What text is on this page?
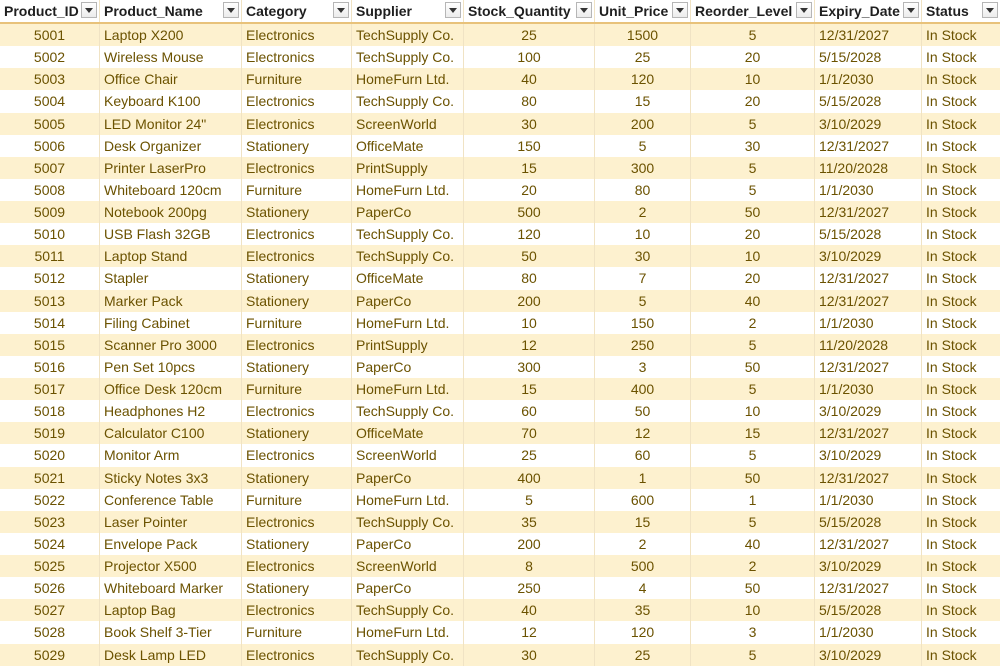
Product_ID	Product_Name	Category	Supplier	Stock_Quantity	Unit_Price	Reorder_Level	Expiry_Date	Status
5001	Laptop X200	Electronics	TechSupply Co.	25	1500	5	12/31/2027	In Stock
5002	Wireless Mouse	Electronics	TechSupply Co.	100	25	20	5/15/2028	In Stock
5003	Office Chair	Furniture	HomeFurn Ltd.	40	120	10	1/1/2030	In Stock
5004	Keyboard K100	Electronics	TechSupply Co.	80	15	20	5/15/2028	In Stock
5005	LED Monitor 24"	Electronics	ScreenWorld	30	200	5	3/10/2029	In Stock
5006	Desk Organizer	Stationery	OfficeMate	150	5	30	12/31/2027	In Stock
5007	Printer LaserPro	Electronics	PrintSupply	15	300	5	11/20/2028	In Stock
5008	Whiteboard 120cm	Furniture	HomeFurn Ltd.	20	80	5	1/1/2030	In Stock
5009	Notebook 200pg	Stationery	PaperCo	500	2	50	12/31/2027	In Stock
5010	USB Flash 32GB	Electronics	TechSupply Co.	120	10	20	5/15/2028	In Stock
5011	Laptop Stand	Electronics	TechSupply Co.	50	30	10	3/10/2029	In Stock
5012	Stapler	Stationery	OfficeMate	80	7	20	12/31/2027	In Stock
5013	Marker Pack	Stationery	PaperCo	200	5	40	12/31/2027	In Stock
5014	Filing Cabinet	Furniture	HomeFurn Ltd.	10	150	2	1/1/2030	In Stock
5015	Scanner Pro 3000	Electronics	PrintSupply	12	250	5	11/20/2028	In Stock
5016	Pen Set 10pcs	Stationery	PaperCo	300	3	50	12/31/2027	In Stock
5017	Office Desk 120cm	Furniture	HomeFurn Ltd.	15	400	5	1/1/2030	In Stock
5018	Headphones H2	Electronics	TechSupply Co.	60	50	10	3/10/2029	In Stock
5019	Calculator C100	Stationery	OfficeMate	70	12	15	12/31/2027	In Stock
5020	Monitor Arm	Electronics	ScreenWorld	25	60	5	3/10/2029	In Stock
5021	Sticky Notes 3x3	Stationery	PaperCo	400	1	50	12/31/2027	In Stock
5022	Conference Table	Furniture	HomeFurn Ltd.	5	600	1	1/1/2030	In Stock
5023	Laser Pointer	Electronics	TechSupply Co.	35	15	5	5/15/2028	In Stock
5024	Envelope Pack	Stationery	PaperCo	200	2	40	12/31/2027	In Stock
5025	Projector X500	Electronics	ScreenWorld	8	500	2	3/10/2029	In Stock
5026	Whiteboard Marker	Stationery	PaperCo	250	4	50	12/31/2027	In Stock
5027	Laptop Bag	Electronics	TechSupply Co.	40	35	10	5/15/2028	In Stock
5028	Book Shelf 3-Tier	Furniture	HomeFurn Ltd.	12	120	3	1/1/2030	In Stock
5029	Desk Lamp LED	Electronics	TechSupply Co.	30	25	5	3/10/2029	In Stock
